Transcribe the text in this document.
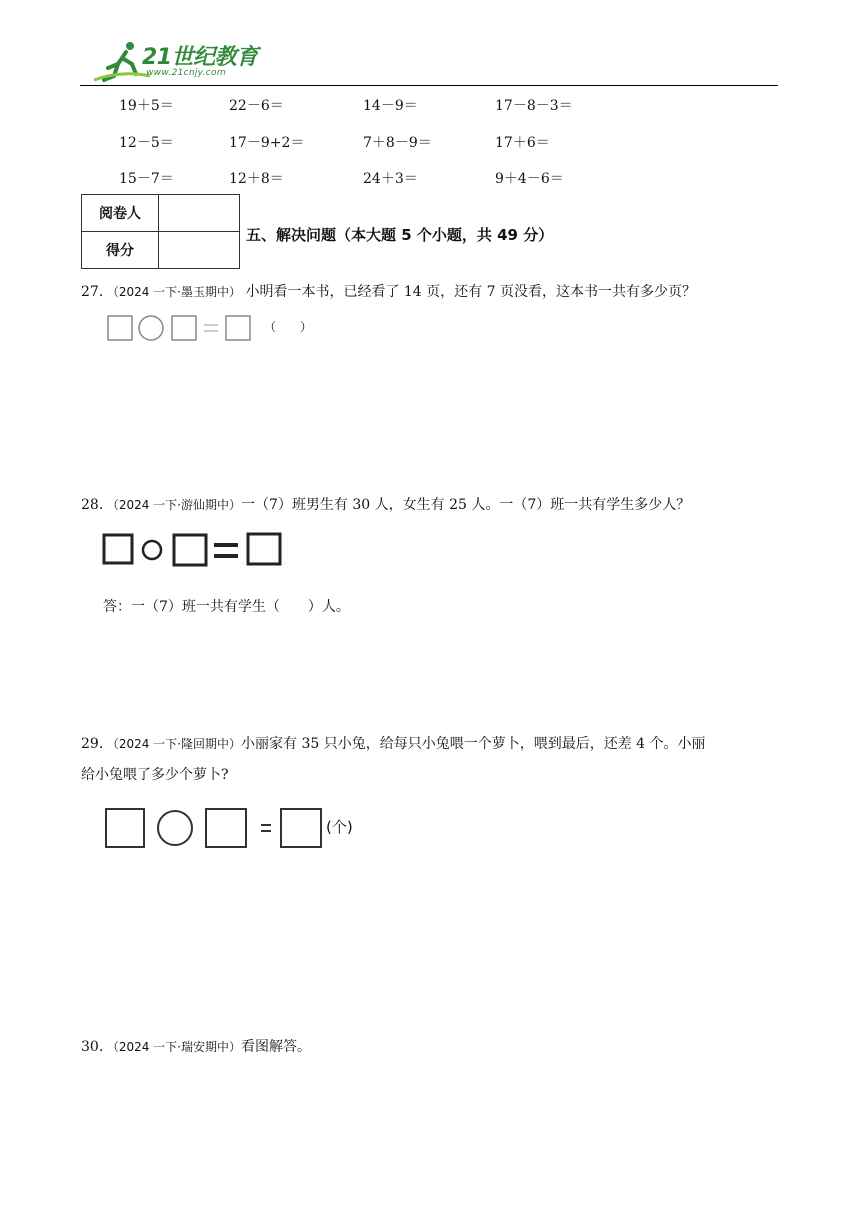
21世纪教育
www.21cnjy.com
19＋5＝	22－6＝	14－9＝	17－8－3＝
12－5＝	17－9+2＝	7＋8－9＝	17＋6＝
15－7＝	12＋8＝	24＋3＝	9＋4－6＝
阅卷人	
得分	
五、解决问题（本大题 5 个小题，共 49 分）
27．（2024 一下·墨玉期中） 小明看一本书，已经看了 14 页，还有 7 页没看，这本书一共有多少页？
（　　）
28．（2024 一下·游仙期中）一（7）班男生有 30 人，女生有 25 人。一（7）班一共有学生多少人？
答：一（7）班一共有学生（　　）人。
29．（2024 一下·隆回期中）小丽家有 35 只小兔，给每只小兔喂一个萝卜，喂到最后，还差 4 个。小丽
给小兔喂了多少个萝卜?
(个)
30．（2024 一下·瑞安期中）看图解答。
